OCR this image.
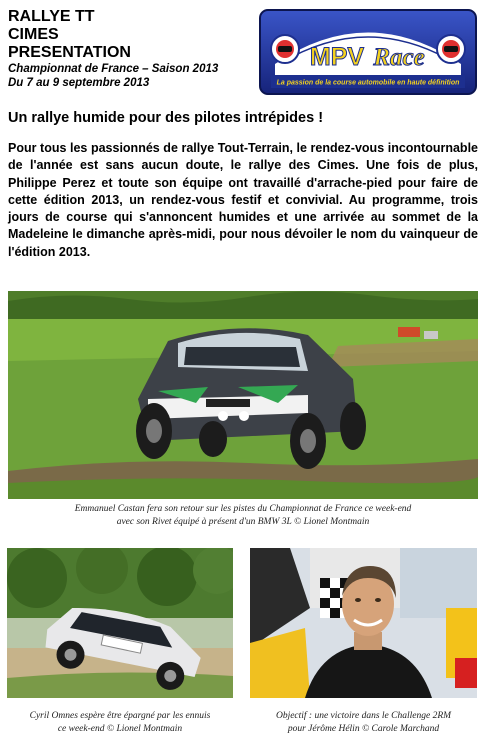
RALLYE TT
CIMES
PRESENTATION
Championnat de France – Saison 2013
Du 7 au 9 septembre 2013
MPV Race
La passion de la course automobile en haute définition
Un rallye humide pour des pilotes intrépides !
Pour tous les passionnés de rallye Tout-Terrain, le rendez-vous incontournable de l'année est sans aucun doute, le rallye des Cimes. Une fois de plus, Philippe Perez et toute son équipe ont travaillé d'arrache-pied pour faire de cette édition 2013, un rendez-vous festif et convivial. Au programme, trois jours de course qui s'annoncent humides et une arrivée au sommet de la Madeleine le dimanche après-midi, pour nous dévoiler le nom du vainqueur de l'édition 2013.
Emmanuel Castan fera son retour sur les pistes du Championnat de France ce week-end
avec son Rivet équipé à présent d'un BMW 3L © Lionel Montmain
Cyril Omnes espère être épargné par les ennuis
ce week-end © Lionel Montmain
Objectif : une victoire dans le Challenge 2RM
pour Jérôme Hélin © Carole Marchand
